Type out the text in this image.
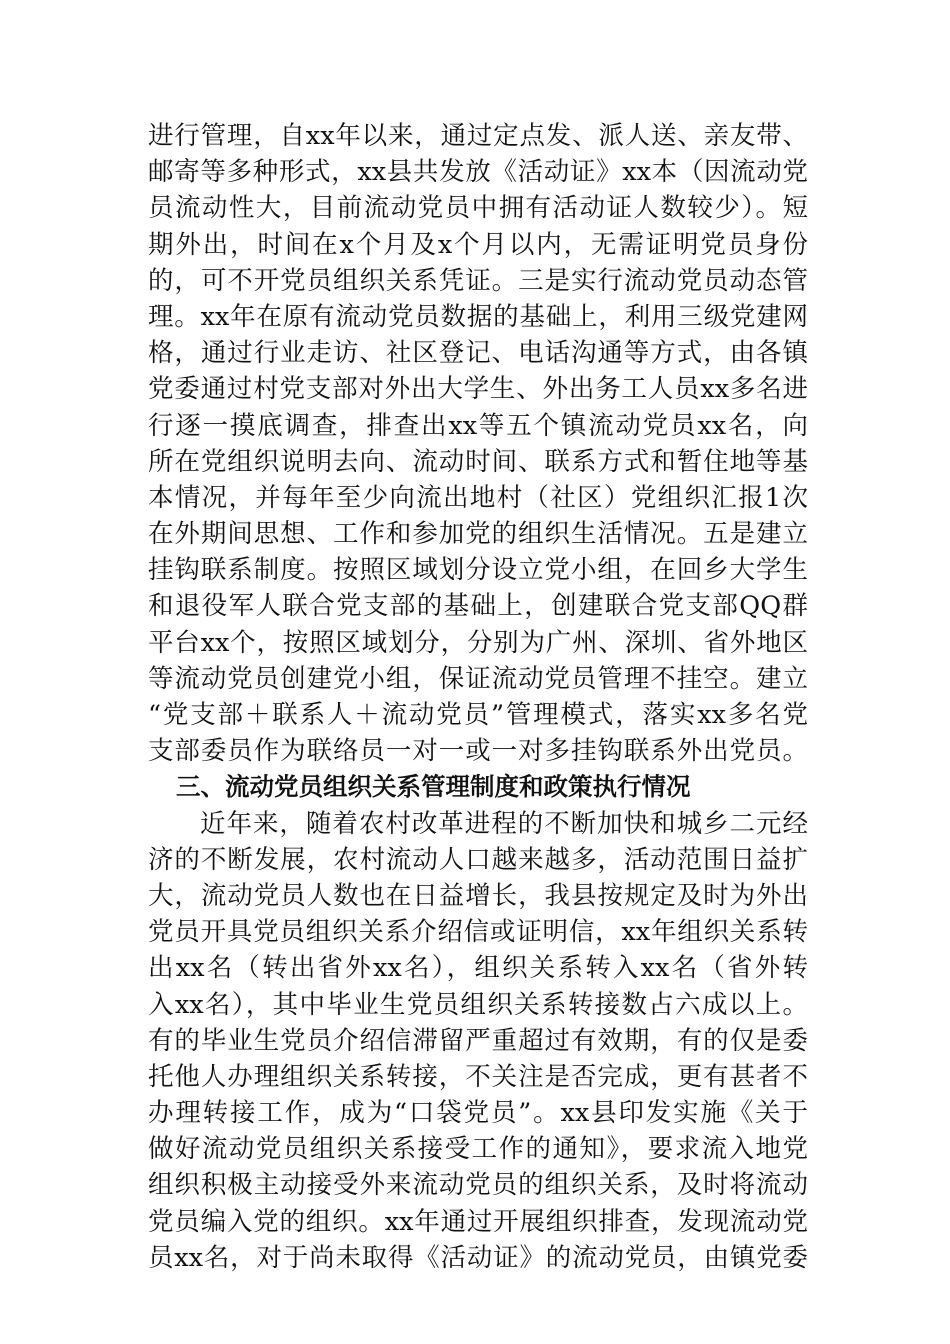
进行管理，自xx年以来，通过定点发、派人送、亲友带、
邮寄等多种形式，xx县共发放《活动证》xx本（因流动党
员流动性大，目前流动党员中拥有活动证人数较少）。短
期外出，时间在x个月及x个月以内，无需证明党员身份
的，可不开党员组织关系凭证。三是实行流动党员动态管
理。xx年在原有流动党员数据的基础上，利用三级党建网
格，通过行业走访、社区登记、电话沟通等方式，由各镇
党委通过村党支部对外出大学生、外出务工人员xx多名进
行逐一摸底调查，排查出xx等五个镇流动党员xx名，向
所在党组织说明去向、流动时间、联系方式和暂住地等基
本情况，并每年至少向流出地村（社区）党组织汇报1次
在外期间思想、工作和参加党的组织生活情况。五是建立
挂钩联系制度。按照区域划分设立党小组，在回乡大学生
和退役军人联合党支部的基础上，创建联合党支部QQ群
平台xx个，按照区域划分，分别为广州、深圳、省外地区
等流动党员创建党小组，保证流动党员管理不挂空。建立
“党支部＋联系人＋流动党员”管理模式，落实xx多名党
支部委员作为联络员一对一或一对多挂钩联系外出党员。
三、流动党员组织关系管理制度和政策执行情况
近年来，随着农村改革进程的不断加快和城乡二元经
济的不断发展，农村流动人口越来越多，活动范围日益扩
大，流动党员人数也在日益增长，我县按规定及时为外出
党员开具党员组织关系介绍信或证明信，xx年组织关系转
出xx名（转出省外xx名），组织关系转入xx名（省外转
入xx名），其中毕业生党员组织关系转接数占六成以上。
有的毕业生党员介绍信滞留严重超过有效期，有的仅是委
托他人办理组织关系转接，不关注是否完成，更有甚者不
办理转接工作，成为“口袋党员”。xx县印发实施《关于
做好流动党员组织关系接受工作的通知》，要求流入地党
组织积极主动接受外来流动党员的组织关系，及时将流动
党员编入党的组织。xx年通过开展组织排查，发现流动党
员xx名，对于尚未取得《活动证》的流动党员，由镇党委
